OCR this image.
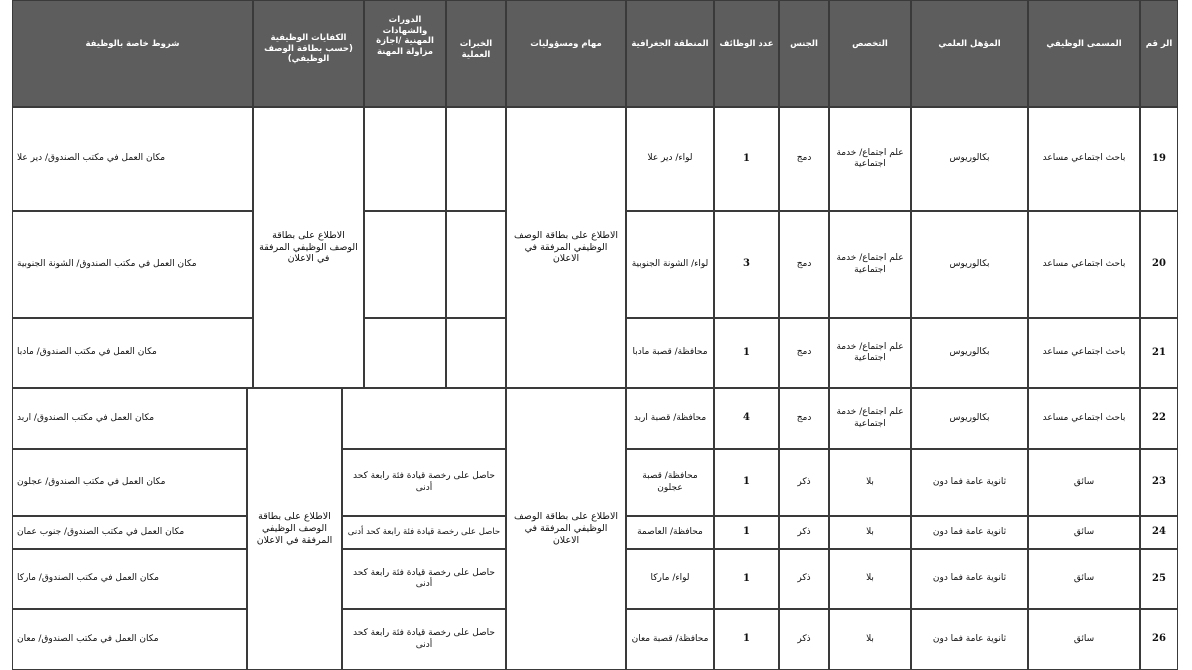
الر قم
المسمى الوظيفي
المؤهل العلمي
التخصص
الجنس
عدد الوظائف
المنطقة الجغرافية
مهام ومسؤوليات
الخبرات العملية
الدورات والشهادات المهنية /اجازة مزاولة المهنة
الكفايات الوظيفية (حسب بطاقة الوصف الوظيفي)
شروط خاصة بالوظيفة
19
باحث اجتماعي مساعد
بكالوريوس
علم اجتماع/ خدمة اجتماعية
دمج
1
لواء/ دير علا
مكان العمل في مكتب الصندوق/ دير علا
20
باحث اجتماعي مساعد
بكالوريوس
علم اجتماع/ خدمة اجتماعية
دمج
3
لواء/ الشونة الجنوبية
مكان العمل في مكتب الصندوق/ الشونة الجنوبية
21
باحث اجتماعي مساعد
بكالوريوس
علم اجتماع/ خدمة اجتماعية
دمج
1
محافظة/ قصبة مادبا
مكان العمل في مكتب الصندوق/ مادبا
الاطلاع على بطاقة الوصف الوظيفي المرفقة في الاعلان
الاطلاع على بطاقة الوصف الوظيفي المرفقة في الاعلان
22
باحث اجتماعي مساعد
بكالوريوس
علم اجتماع/ خدمة اجتماعية
دمج
4
محافظة/ قصبة اربد
مكان العمل في مكتب الصندوق/ اربد
23
سائق
ثانوية عامة فما دون
بلا
ذكر
1
محافظة/ قصبة عجلون
حاصل على رخصة قيادة فئة رابعة كحد أدنى
مكان العمل في مكتب الصندوق/ عجلون
24
سائق
ثانوية عامة فما دون
بلا
ذكر
1
محافظة/ العاصمة
حاصل على رخصة قيادة فئة رابعة كحد أدنى
مكان العمل في مكتب الصندوق/ جنوب عمان
25
سائق
ثانوية عامة فما دون
بلا
ذكر
1
لواء/ ماركا
حاصل على رخصة قيادة فئة رابعة كحد أدنى
مكان العمل في مكتب الصندوق/ ماركا
26
سائق
ثانوية عامة فما دون
بلا
ذكر
1
محافظة/ قصبة معان
حاصل على رخصة قيادة فئة رابعة كحد أدنى
مكان العمل في مكتب الصندوق/ معان
الاطلاع على بطاقة الوصف الوظيفي المرفقة في الاعلان
الاطلاع على بطاقة الوصف الوظيفي المرفقة في الاعلان
